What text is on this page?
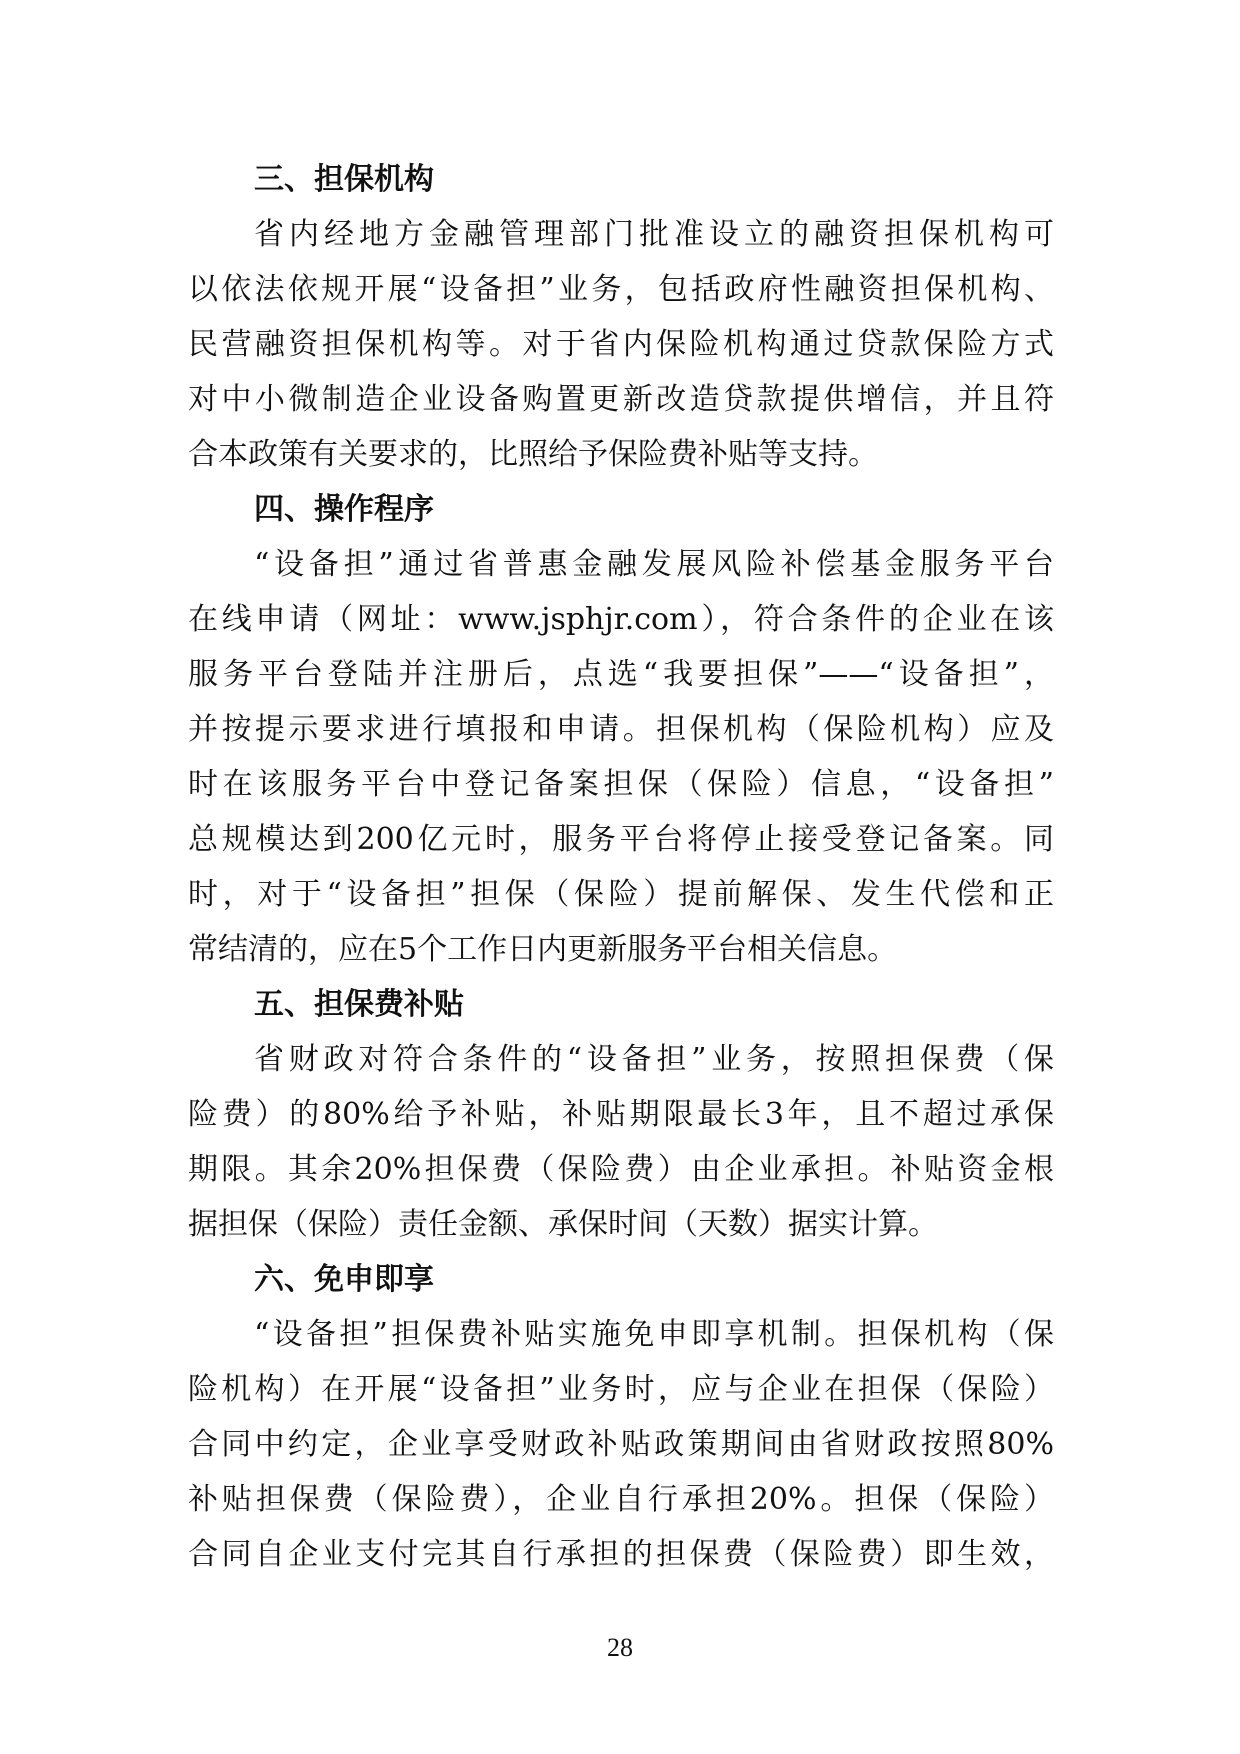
三、担保机构

省内经地方金融管理部门批准设立的融资担保机构可
以依法依规开展“设备担”业务，包括政府性融资担保机构、
民营融资担保机构等。对于省内保险机构通过贷款保险方式
对中小微制造企业设备购置更新改造贷款提供增信，并且符
合本政策有关要求的，比照给予保险费补贴等支持。

四、操作程序

“设备担”通过省普惠金融发展风险补偿基金服务平台
在线申请（网址：www.jsphjr.com），符合条件的企业在该
服务平台登陆并注册后，点选“我要担保”——“设备担”，
并按提示要求进行填报和申请。担保机构（保险机构）应及
时在该服务平台中登记备案担保（保险）信息，“设备担”
总规模达到200亿元时，服务平台将停止接受登记备案。同
时，对于“设备担”担保（保险）提前解保、发生代偿和正
常结清的，应在5个工作日内更新服务平台相关信息。

五、担保费补贴

省财政对符合条件的“设备担”业务，按照担保费（保
险费）的80%给予补贴，补贴期限最长3年，且不超过承保
期限。其余20%担保费（保险费）由企业承担。补贴资金根
据担保（保险）责任金额、承保时间（天数）据实计算。

六、免申即享

“设备担”担保费补贴实施免申即享机制。担保机构（保
险机构）在开展“设备担”业务时，应与企业在担保（保险）
合同中约定，企业享受财政补贴政策期间由省财政按照80%
补贴担保费（保险费），企业自行承担20%。担保（保险）
合同自企业支付完其自行承担的担保费（保险费）即生效，

28
